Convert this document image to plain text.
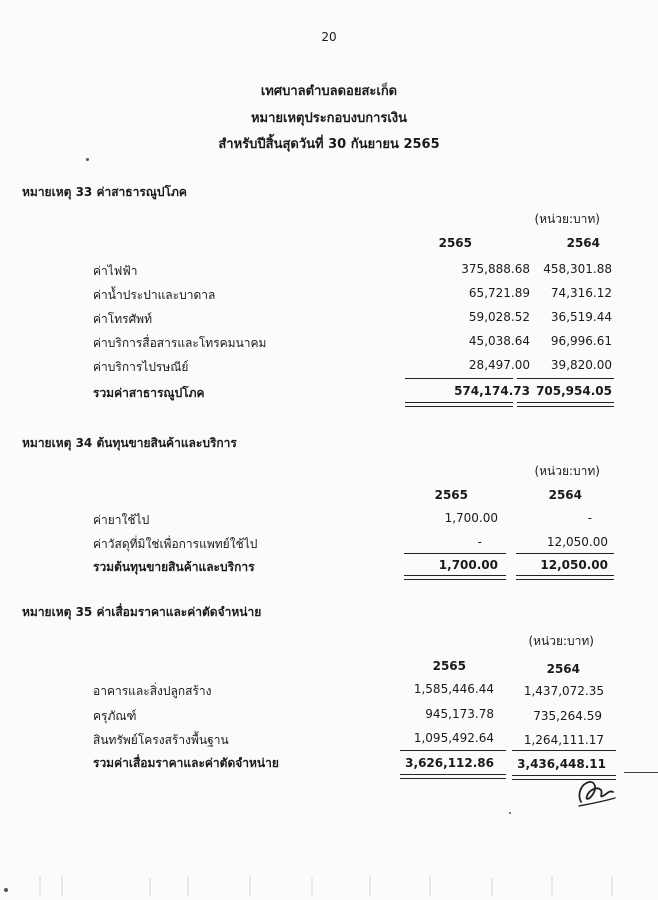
20
เทศบาลตำบลดอยสะเก็ด
หมายเหตุประกอบงบการเงิน
สำหรับปีสิ้นสุดวันที่ 30 กันยายน 2565
หมายเหตุ 33 ค่าสาธารณูปโภค
(หน่วย:บาท)
2565	2564
ค่าไฟฟ้า	375,888.68 458,301.88
ค่าน้ำประปาและบาดาล	65,721.89 74,316.12
ค่าโทรศัพท์	59,028.52 36,519.44
ค่าบริการสื่อสารและโทรคมนาคม	45,038.64 96,996.61
ค่าบริการไปรษณีย์	28,497.00 39,820.00
รวมค่าสาธารณูปโภค	574,174.73 705,954.05
หมายเหตุ 34 ต้นทุนขายสินค้าและบริการ
(หน่วย:บาท)
2565	2564
ค่ายาใช้ไป	1,700.00	-
ค่าวัสดุที่มิใช่เพื่อการแพทย์ใช้ไป	-	12,050.00
รวมต้นทุนขายสินค้าและบริการ	1,700.00	12,050.00
หมายเหตุ 35 ค่าเสื่อมราคาและค่าตัดจำหน่าย
(หน่วย:บาท)
2565	2564
อาคารและสิ่งปลูกสร้าง	1,585,446.44 1,437,072.35
ครุภัณฑ์	945,173.78	735,264.59
สินทรัพย์โครงสร้างพื้นฐาน	1,095,492.64 1,264,111.17
รวมค่าเสื่อมราคาและค่าตัดจำหน่าย	3,626,112.86 3,436,448.11
